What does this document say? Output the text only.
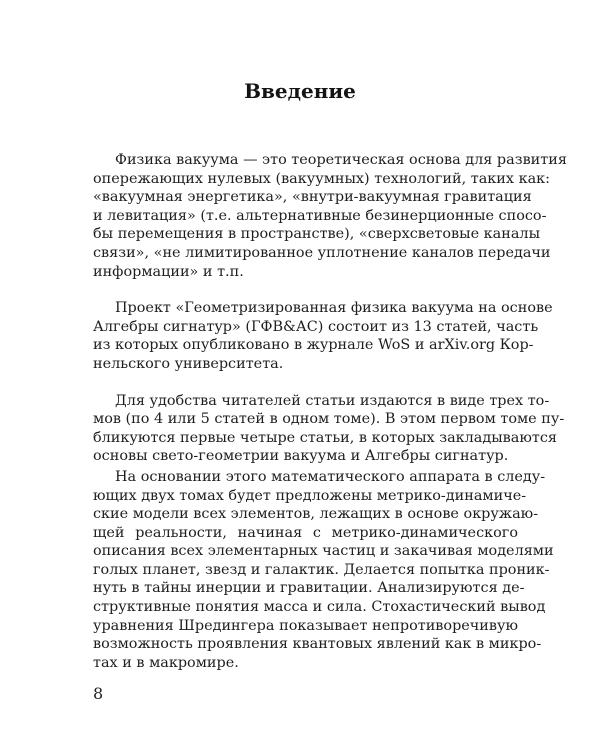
Введение

Физика вакуума — это теоретическая основа для развития
опережающих нулевых (вакуумных) технологий, таких как:
«вакуумная энергетика», «внутри-вакуумная гравитация
и левитация» (т.е. альтернативные безинерционные спосо-
бы перемещения в пространстве), «сверхсветовые каналы
связи», «не лимитированное уплотнение каналов передачи
информации» и т.п.

Проект «Геометризированная физика вакуума на основе
Алгебры сигнатур» (ГФВ&АС) состоит из 13 статей, часть
из которых опубликовано в журнале WoS и arXiv.org Кор-
нельского университета.

Для удобства читателей статьи издаются в виде трех то-
мов (по 4 или 5 статей в одном томе). В этом первом томе пу-
бликуются первые четыре статьи, в которых закладываются
основы свето-геометрии вакуума и Алгебры сигнатур.

На основании этого математического аппарата в следу-
ющих двух томах будет предложены метрико-динамиче-
ские модели всех элементов, лежащих в основе окружаю-
щей реальности, начиная с метрико-динамического
описания всех элементарных частиц и закачивая моделями
голых планет, звезд и галактик. Делается попытка проник-
нуть в тайны инерции и гравитации. Анализируются де-
структивные понятия масса и сила. Стохастический вывод
уравнения Шредингера показывает непротиворечивую
возможность проявления квантовых явлений как в микро-
тах и в макромире.

8
